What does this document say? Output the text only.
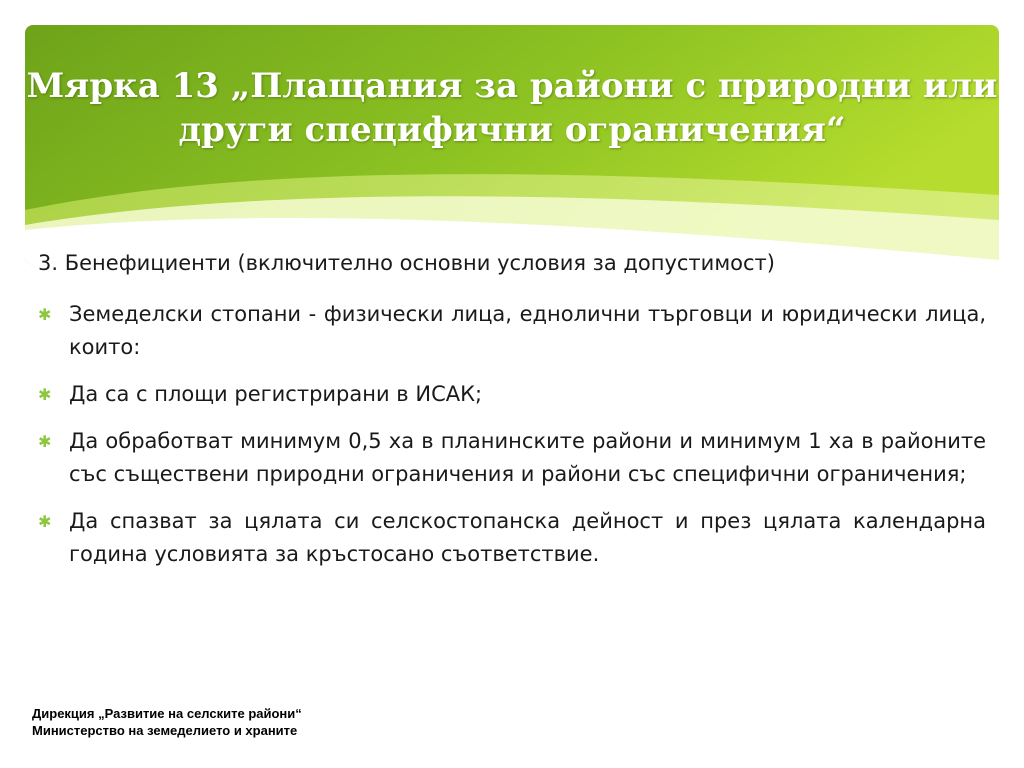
Мярка 13 „Плащания за райони с природни или
други специфични ограничения“

3. Бенефициенти (включително основни условия за допустимост)

✱ Земеделски стопани - физически лица, еднолични търговци и юридически лица, които:
✱ Да са с площи регистрирани в ИСАК;
✱ Да обработват минимум 0,5 ха в планинските райони и минимум 1 ха в районите със съществени природни ограничения и райони със специфични ограничения;
✱ Да спазват за цялата си селскостопанска дейност и през цялата календарна година условията за кръстосано съответствие.
Дирекция „Развитие на селските райони“
Министерство на земеделието и храните
